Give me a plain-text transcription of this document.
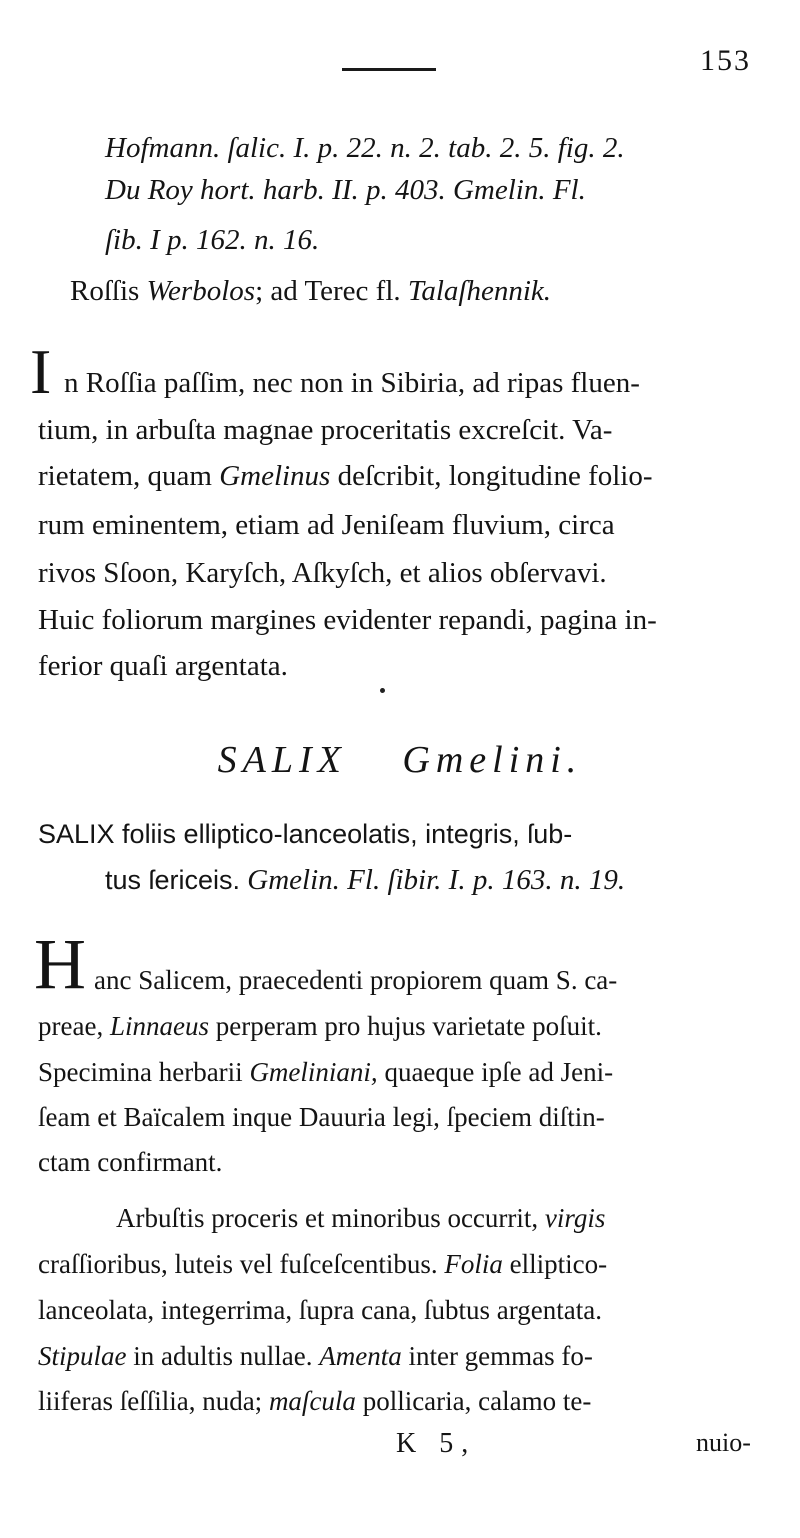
153
Hofmann. ſalic. I. p. 22. n. 2. tab. 2. 5. fig. 2.
Du Roy hort. harb. II. p. 403. Gmelin. Fl.
ſib. I p. 162. n. 16.
Roſſis Werbolos; ad Terec fl. Talaſhennik.
I n Roſſia paſſim, nec non in Sibiria, ad ripas fluen-
tium, in arbuſta magnae proceritatis excreſcit. Va-
rietatem, quam Gmelinus deſcribit, longitudine folio-
rum eminentem, etiam ad Jeniſeam fluvium, circa
rivos Sſoon, Karyſch, Aſkyſch, et alios obſervavi.
Huic foliorum margines evidenter repandi, pagina in-
ferior quaſi argentata.
SALIX Gmelini.
SALIX foliis elliptico-lanceolatis, integris, ſub-
tus ſericeis. Gmelin. Fl. ſibir. I. p. 163. n. 19.
H anc Salicem, praecedenti propiorem quam S. ca-
preae, Linnaeus perperam pro hujus varietate poſuit.
Specimina herbarii Gmeliniani, quaeque ipſe ad Jeni-
ſeam et Baïcalem inque Dauuria legi, ſpeciem diſtin-
ctam confirmant.
Arbuſtis proceris et minoribus occurrit, virgis
craſſioribus, luteis vel fuſceſcentibus. Folia elliptico-
lanceolata, integerrima, ſupra cana, ſubtus argentata.
Stipulae in adultis nullae. Amenta inter gemmas fo-
liiferas ſeſſilia, nuda; maſcula pollicaria, calamo te-
K 5,	nuio-
